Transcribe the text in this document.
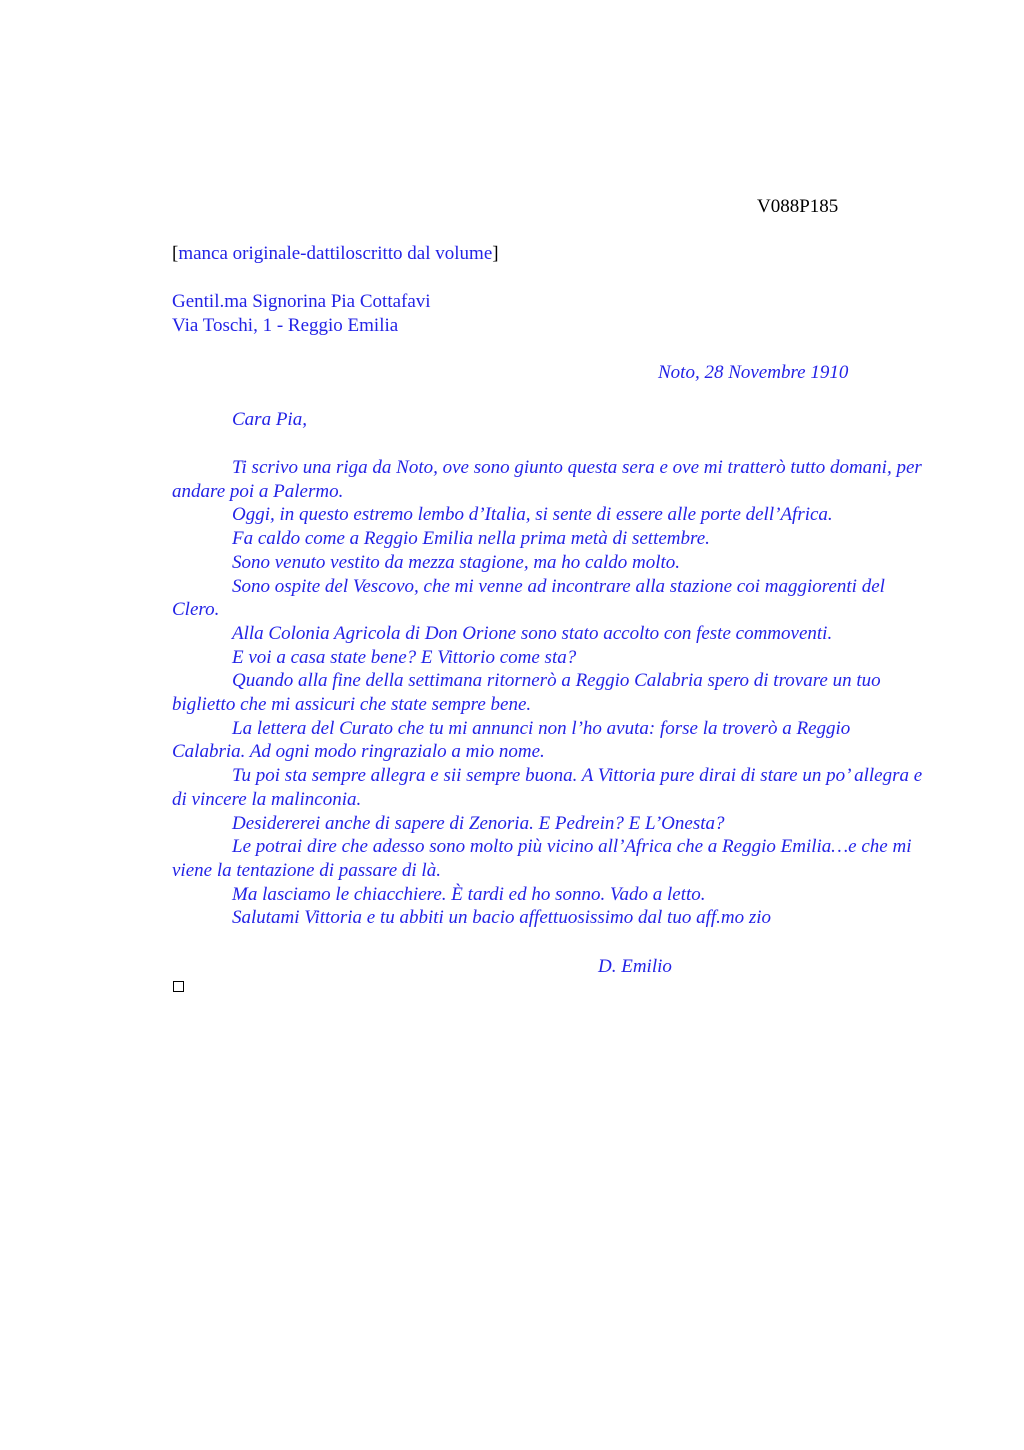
V088P185
[manca originale-dattiloscritto dal volume]
Gentil.ma Signorina Pia Cottafavi
Via Toschi, 1 - Reggio Emilia
Noto, 28 Novembre 1910
Cara Pia,

Ti scrivo una riga da Noto, ove sono giunto questa sera e ove mi tratterò tutto domani, per andare poi a Palermo.

Oggi, in questo estremo lembo d’Italia, si sente di essere alle porte dell’Africa.

Fa caldo come a Reggio Emilia nella prima metà di settembre.

Sono venuto vestito da mezza stagione, ma ho caldo molto.

Sono ospite del Vescovo, che mi venne ad incontrare alla stazione coi maggiorenti del Clero.

Alla Colonia Agricola di Don Orione sono stato accolto con feste commoventi.

E voi a casa state bene? E Vittorio come sta?

Quando alla fine della settimana ritornerò a Reggio Calabria spero di trovare un tuo biglietto che mi assicuri che state sempre bene.

La lettera del Curato che tu mi annunci non l’ho avuta: forse la troverò a Reggio Calabria. Ad ogni modo ringrazialo a mio nome.

Tu poi sta sempre allegra e sii sempre buona. A Vittoria pure dirai di stare un po’ allegra e di vincere la malinconia.

Desidererei anche di sapere di Zenoria. E Pedrein? E L’Onesta?

Le potrai dire che adesso sono molto più vicino all’Africa che a Reggio Emilia…e che mi viene la tentazione di passare di là.

Ma lasciamo le chiacchiere. È tardi ed ho sonno. Vado a letto.

Salutami Vittoria e tu abbiti un bacio affettuosissimo dal tuo aff.mo zio

D. Emilio
